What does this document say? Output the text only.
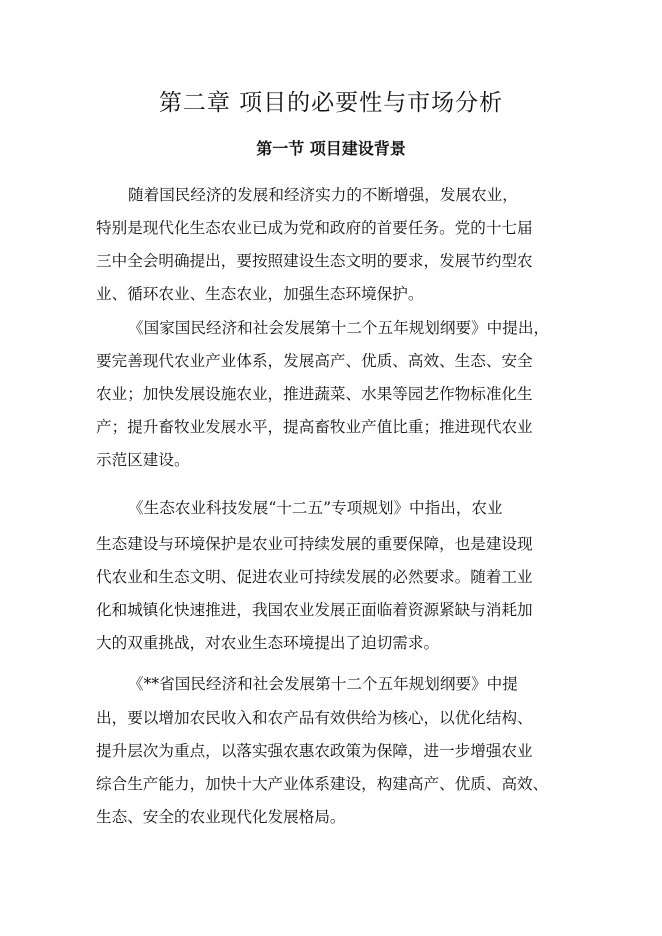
第二章 项目的必要性与市场分析
第一节 项目建设背景

随着国民经济的发展和经济实力的不断增强，发展农业，

特别是现代化生态农业已成为党和政府的首要任务。党的十七届

三中全会明确提出，要按照建设生态文明的要求，发展节约型农

业、循环农业、生态农业，加强生态环境保护。

《国家国民经济和社会发展第十二个五年规划纲要》中提出，

要完善现代农业产业体系，发展高产、优质、高效、生态、安全

农业；加快发展设施农业，推进蔬菜、水果等园艺作物标准化生

产；提升畜牧业发展水平，提高畜牧业产值比重；推进现代农业

示范区建设。

《生态农业科技发展“十二五”专项规划》中指出，农业

生态建设与环境保护是农业可持续发展的重要保障，也是建设现

代农业和生态文明、促进农业可持续发展的必然要求。随着工业

化和城镇化快速推进，我国农业发展正面临着资源紧缺与消耗加

大的双重挑战，对农业生态环境提出了迫切需求。

《**省国民经济和社会发展第十二个五年规划纲要》中提

出，要以增加农民收入和农产品有效供给为核心，以优化结构、

提升层次为重点，以落实强农惠农政策为保障，进一步增强农业

综合生产能力，加快十大产业体系建设，构建高产、优质、高效、

生态、安全的农业现代化发展格局。
